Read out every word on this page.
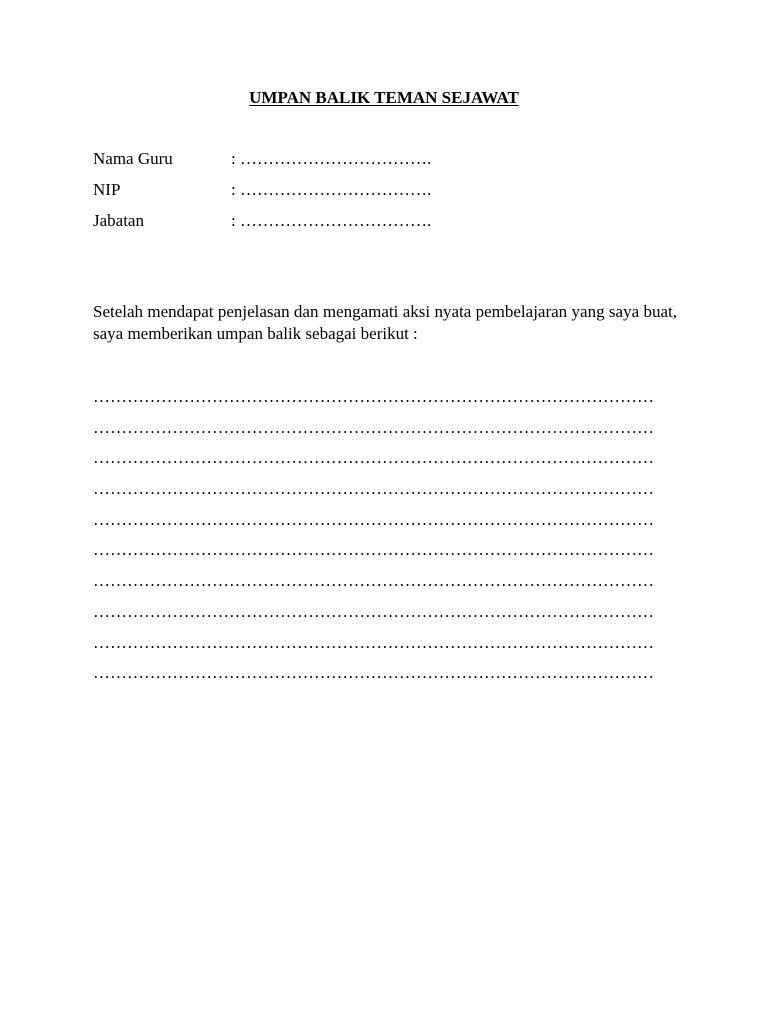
UMPAN BALIK TEMAN SEJAWAT
Nama Guru	: …………………………….
NIP	: …………………………….
Jabatan	: …………………………….

Setelah mendapat penjelasan dan mengamati aksi nyata pembelajaran yang saya buat, saya memberikan umpan balik sebagai berikut :

………………………………………………………………………………………
………………………………………………………………………………………
………………………………………………………………………………………
………………………………………………………………………………………
………………………………………………………………………………………
………………………………………………………………………………………
………………………………………………………………………………………
………………………………………………………………………………………
………………………………………………………………………………………
………………………………………………………………………………………
